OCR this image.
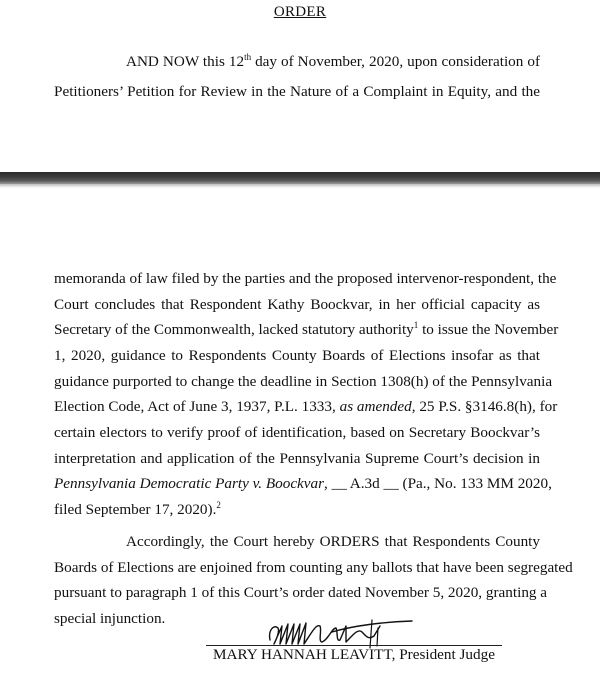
ORDER
AND NOW this 12th day of November, 2020, upon consideration of
Petitioners’ Petition for Review in the Nature of a Complaint in Equity, and the
memoranda of law filed by the parties and the proposed intervenor-respondent, the
Court concludes that Respondent Kathy Boockvar, in her official capacity as
Secretary of the Commonwealth, lacked statutory authority$^1$ to issue the November
1, 2020, guidance to Respondents County Boards of Elections insofar as that
guidance purported to change the deadline in Section 1308(h) of the Pennsylvania
Election Code, Act of June 3, 1937, P.L. 1333, as amended, 25 P.S. §3146.8(h), for
certain electors to verify proof of identification, based on Secretary Boockvar’s
interpretation and application of the Pennsylvania Supreme Court’s decision in
Pennsylvania Democratic Party v. Boockvar, __ A.3d __ (Pa., No. 133 MM 2020,
filed September 17, 2020).$^2$
Accordingly, the Court hereby ORDERS that Respondents County
Boards of Elections are enjoined from counting any ballots that have been segregated
pursuant to paragraph 1 of this Court’s order dated November 5, 2020, granting a
special injunction.
MARY HANNAH LEAVITT, President Judge
